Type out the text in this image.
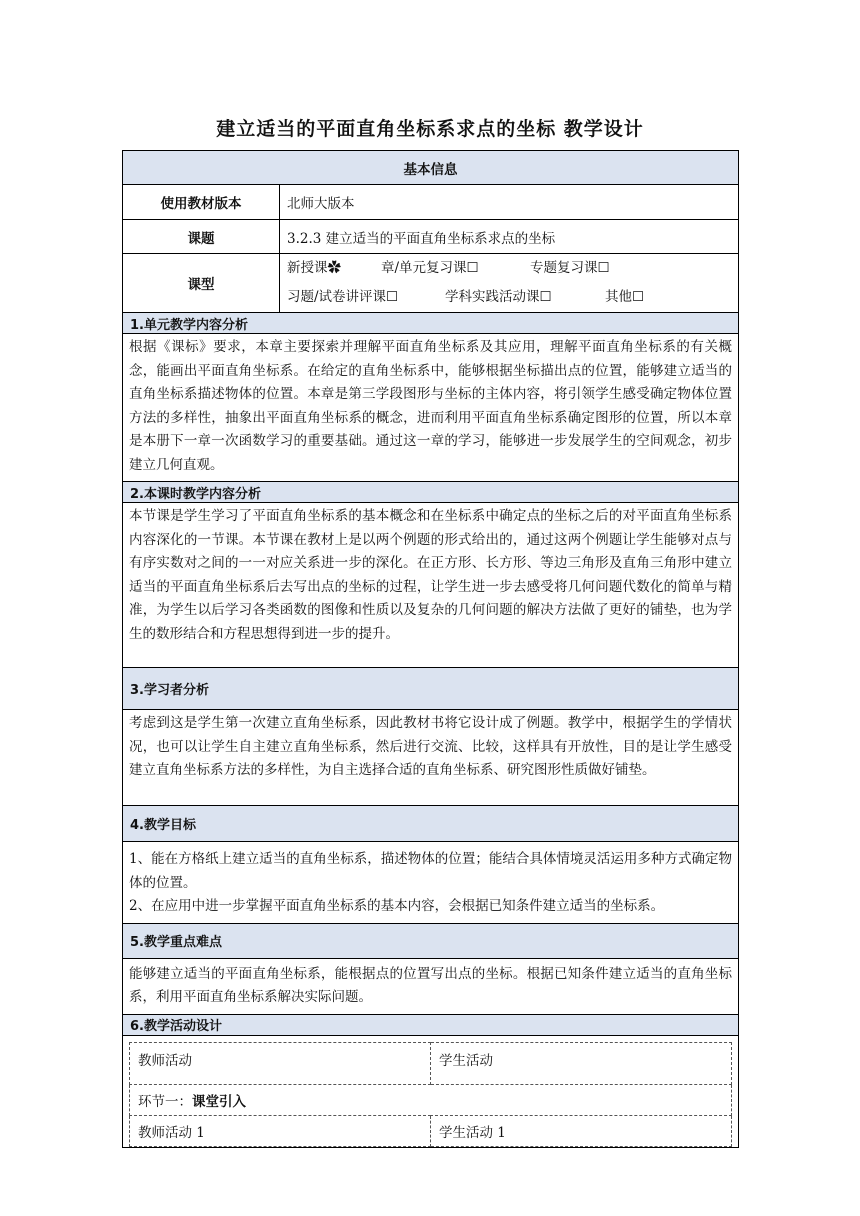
建立适当的平面直角坐标系求点的坐标 教学设计
基本信息
使用教材版本	北师大版本
课题	3.2.3 建立适当的平面直角坐标系求点的坐标
课型	
新授课✿	章/单元复习课☐	专题复习课☐
习题/试卷讲评课☐	学科实践活动课☐	其他☐

1.单元教学内容分析
根据《课标》要求，本章主要探索并理解平面直角坐标系及其应用，理解平面直角坐标系的有关概念，能画出平面直角坐标系。在给定的直角坐标系中，能够根据坐标描出点的位置，能够建立适当的直角坐标系描述物体的位置。本章是第三学段图形与坐标的主体内容，将引领学生感受确定物体位置方法的多样性，抽象出平面直角坐标系的概念，进而利用平面直角坐标系确定图形的位置，所以本章是本册下一章一次函数学习的重要基础。通过这一章的学习，能够进一步发展学生的空间观念，初步建立几何直观。
2.本课时教学内容分析
本节课是学生学习了平面直角坐标系的基本概念和在坐标系中确定点的坐标之后的对平面直角坐标系内容深化的一节课。本节课在教材上是以两个例题的形式给出的，通过这两个例题让学生能够对点与有序实数对之间的一一对应关系进一步的深化。在正方形、长方形、等边三角形及直角三角形中建立适当的平面直角坐标系后去写出点的坐标的过程，让学生进一步去感受将几何问题代数化的简单与精准，为学生以后学习各类函数的图像和性质以及复杂的几何问题的解决方法做了更好的铺垫，也为学生的数形结合和方程思想得到进一步的提升。
3.学习者分析
考虑到这是学生第一次建立直角坐标系，因此教材书将它设计成了例题。教学中，根据学生的学情状况，也可以让学生自主建立直角坐标系，然后进行交流、比较，这样具有开放性，目的是让学生感受建立直角坐标系方法的多样性，为自主选择合适的直角坐标系、研究图形性质做好铺垫。
4.教学目标

1、能在方格纸上建立适当的直角坐标系，描述物体的位置；能结合具体情境灵活运用多种方式确定物体的位置。
2、在应用中进一步掌握平面直角坐标系的基本内容，会根据已知条件建立适当的坐标系。

5.教学重点难点
能够建立适当的平面直角坐标系，能根据点的位置写出点的坐标。根据已知条件建立适当的直角坐标系，利用平面直角坐标系解决实际问题。
6.教学活动设计

教师活动	学生活动
环节一：课堂引入
教师活动 1	学生活动 1
